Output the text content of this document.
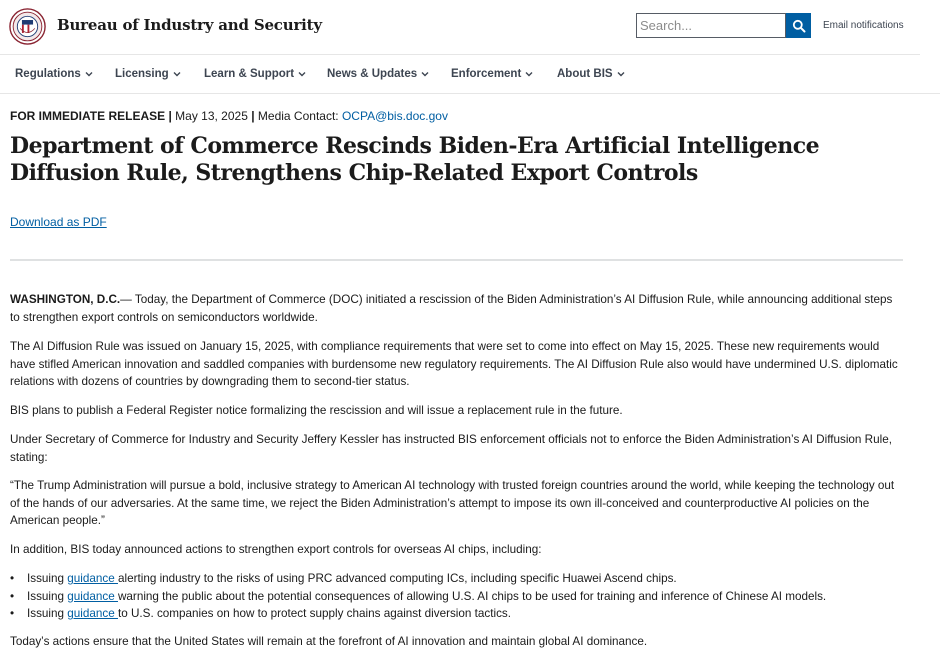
Bureau of Industry and Security
Search...	Email notifications
Regulations	Licensing	Learn & Support	News & Updates	Enforcement	About BIS
FOR IMMEDIATE RELEASE | May 13, 2025 | Media Contact: OCPA@bis.doc.gov
Department of Commerce Rescinds Biden-Era Artificial Intelligence Diffusion Rule, Strengthens Chip-Related Export Controls
Download as PDF

WASHINGTON, D.C.— Today, the Department of Commerce (DOC) initiated a rescission of the Biden Administration’s AI Diffusion Rule, while announcing additional steps to strengthen export controls on semiconductors worldwide.

The AI Diffusion Rule was issued on January 15, 2025, with compliance requirements that were set to come into effect on May 15, 2025. These new requirements would have stifled American innovation and saddled companies with burdensome new regulatory requirements. The AI Diffusion Rule also would have undermined U.S. diplomatic relations with dozens of countries by downgrading them to second-tier status.

BIS plans to publish a Federal Register notice formalizing the rescission and will issue a replacement rule in the future.

Under Secretary of Commerce for Industry and Security Jeffery Kessler has instructed BIS enforcement officials not to enforce the Biden Administration’s AI Diffusion Rule, stating:

“The Trump Administration will pursue a bold, inclusive strategy to American AI technology with trusted foreign countries around the world, while keeping the technology out of the hands of our adversaries. At the same time, we reject the Biden Administration’s attempt to impose its own ill-conceived and counterproductive AI policies on the American people.”

In addition, BIS today announced actions to strengthen export controls for overseas AI chips, including:

• Issuing guidance alerting industry to the risks of using PRC advanced computing ICs, including specific Huawei Ascend chips.
• Issuing guidance warning the public about the potential consequences of allowing U.S. AI chips to be used for training and inference of Chinese AI models.
• Issuing guidance to U.S. companies on how to protect supply chains against diversion tactics.

Today’s actions ensure that the United States will remain at the forefront of AI innovation and maintain global AI dominance.
